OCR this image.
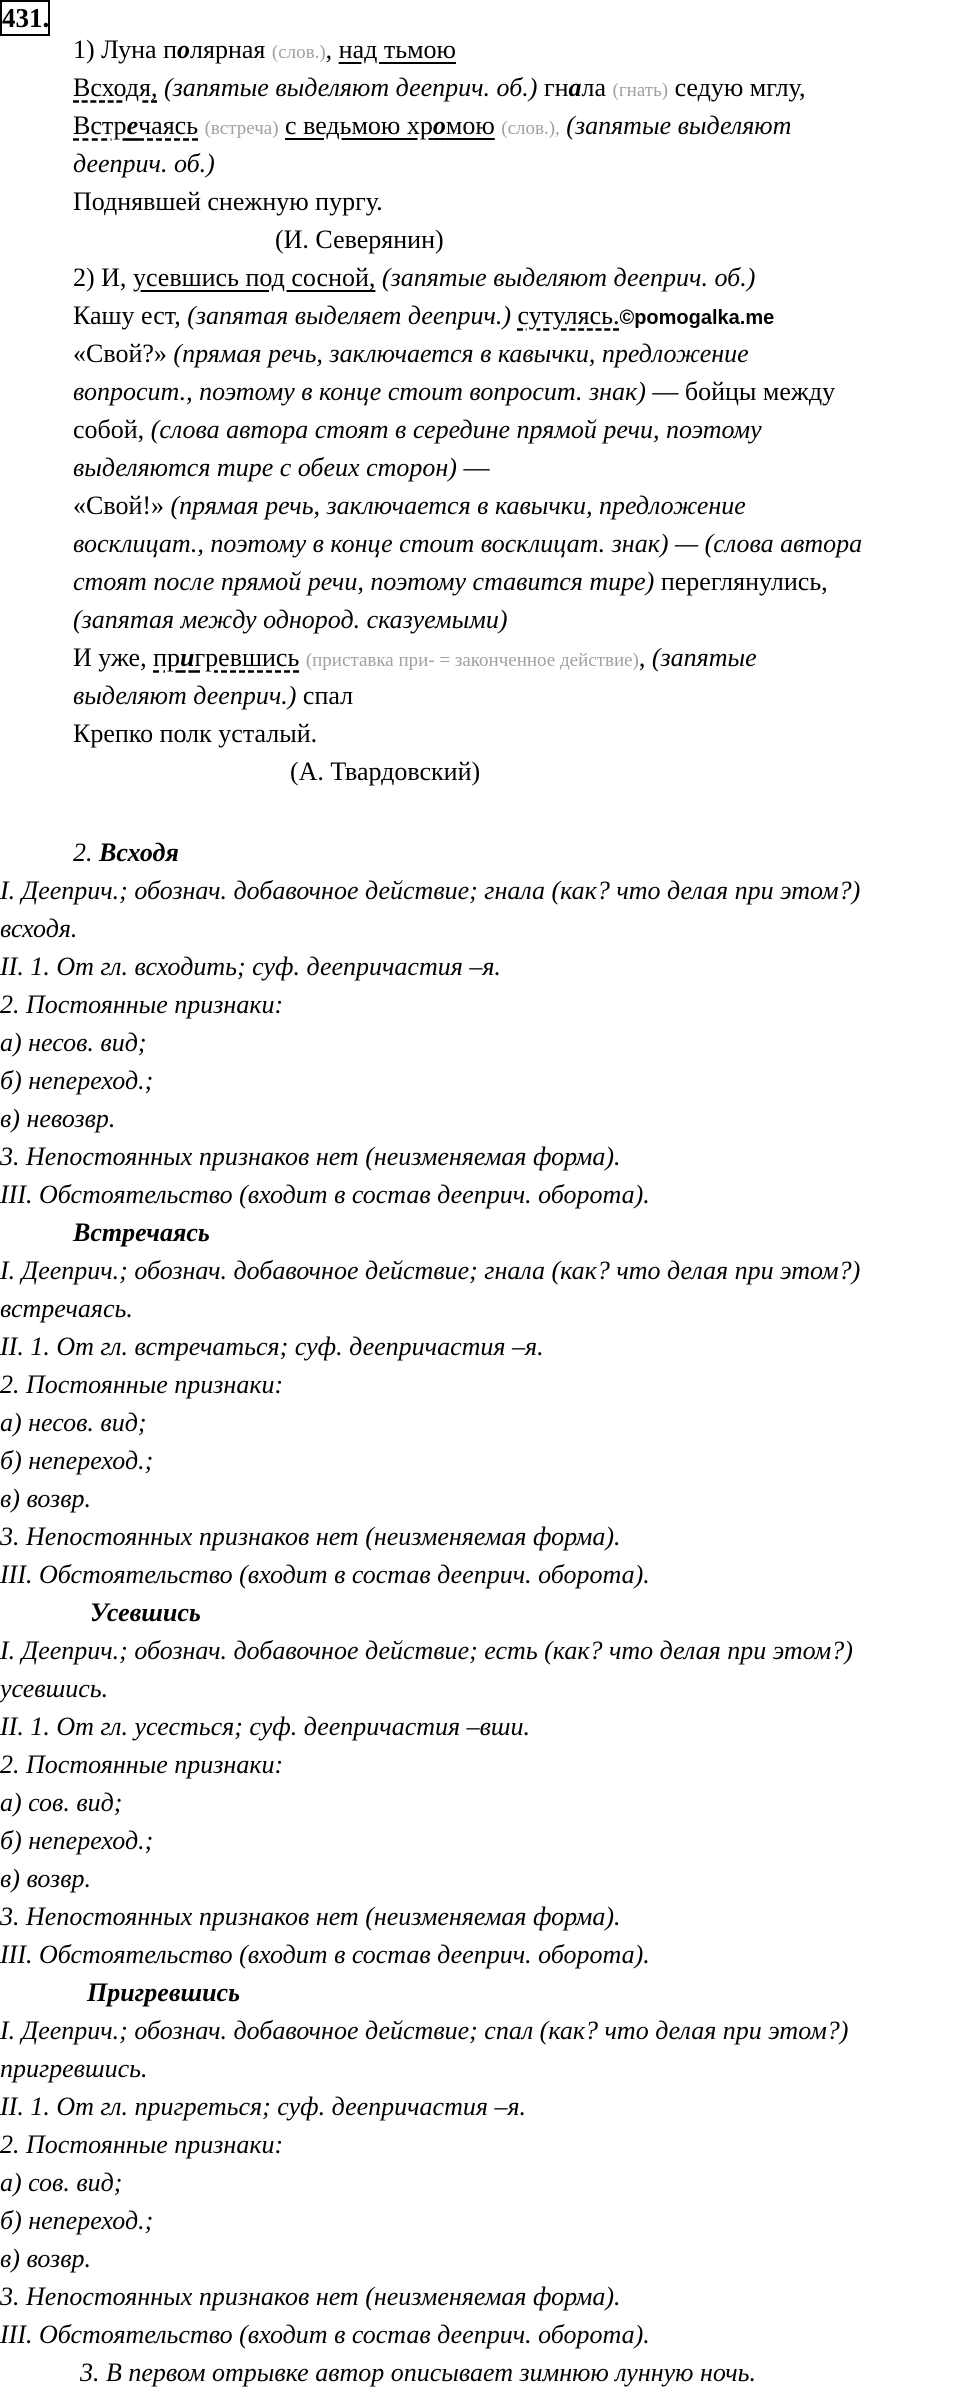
431.
1) Луна полярная (слов.), над тьмою
Всходя, (запятые выделяют дееприч. об.) гнала (гнать) седую мглу,
Встречаясь (встреча) с ведьмою хромою (слов.), (запятые выделяют
дееприч. об.)
Поднявшей снежную пургу.
(И. Северянин)
2) И, усевшись под сосной, (запятые выделяют дееприч. об.)
Кашу ест, (запятая выделяет дееприч.) сутулясь.©pomogalka.me
«Свой?» (прямая речь, заключается в кавычки, предложение
вопросит., поэтому в конце стоит вопросит. знак) — бойцы между
собой, (слова автора стоят в середине прямой речи, поэтому
выделяются тире с обеих сторон) —
«Свой!» (прямая речь, заключается в кавычки, предложение
восклицат., поэтому в конце стоит восклицат. знак) — (слова автора
стоят после прямой речи, поэтому ставится тире) переглянулись,
(запятая между однород. сказуемыми)
И уже, пригревшись (приставка при- = законченное действие), (запятые
выделяют дееприч.) спал
Крепко полк усталый.
(А. Твардовский)
2. Всходя
I. Дееприч.; обознач. добавочное действие; гнала (как? что делая при этом?)
всходя.
II. 1. От гл. всходить; суф. деепричастия –я.
2. Постоянные признаки:
а) несов. вид;
б) непереход.;
в) невозвр.
3. Непостоянных признаков нет (неизменяемая форма).
III. Обстоятельство (входит в состав дееприч. оборота).
Встречаясь
I. Дееприч.; обознач. добавочное действие; гнала (как? что делая при этом?)
встречаясь.
II. 1. От гл. встречаться; суф. деепричастия –я.
2. Постоянные признаки:
а) несов. вид;
б) непереход.;
в) возвр.
3. Непостоянных признаков нет (неизменяемая форма).
III. Обстоятельство (входит в состав дееприч. оборота).
Усевшись
I. Дееприч.; обознач. добавочное действие; есть (как? что делая при этом?)
усевшись.
II. 1. От гл. усесться; суф. деепричастия –вши.
2. Постоянные признаки:
а) сов. вид;
б) непереход.;
в) возвр.
3. Непостоянных признаков нет (неизменяемая форма).
III. Обстоятельство (входит в состав дееприч. оборота).
Пригревшись
I. Дееприч.; обознач. добавочное действие; спал (как? что делая при этом?)
пригревшись.
II. 1. От гл. пригреться; суф. деепричастия –я.
2. Постоянные признаки:
а) сов. вид;
б) непереход.;
в) возвр.
3. Непостоянных признаков нет (неизменяемая форма).
III. Обстоятельство (входит в состав дееприч. оборота).
3. В первом отрывке автор описывает зимнюю лунную ночь.
